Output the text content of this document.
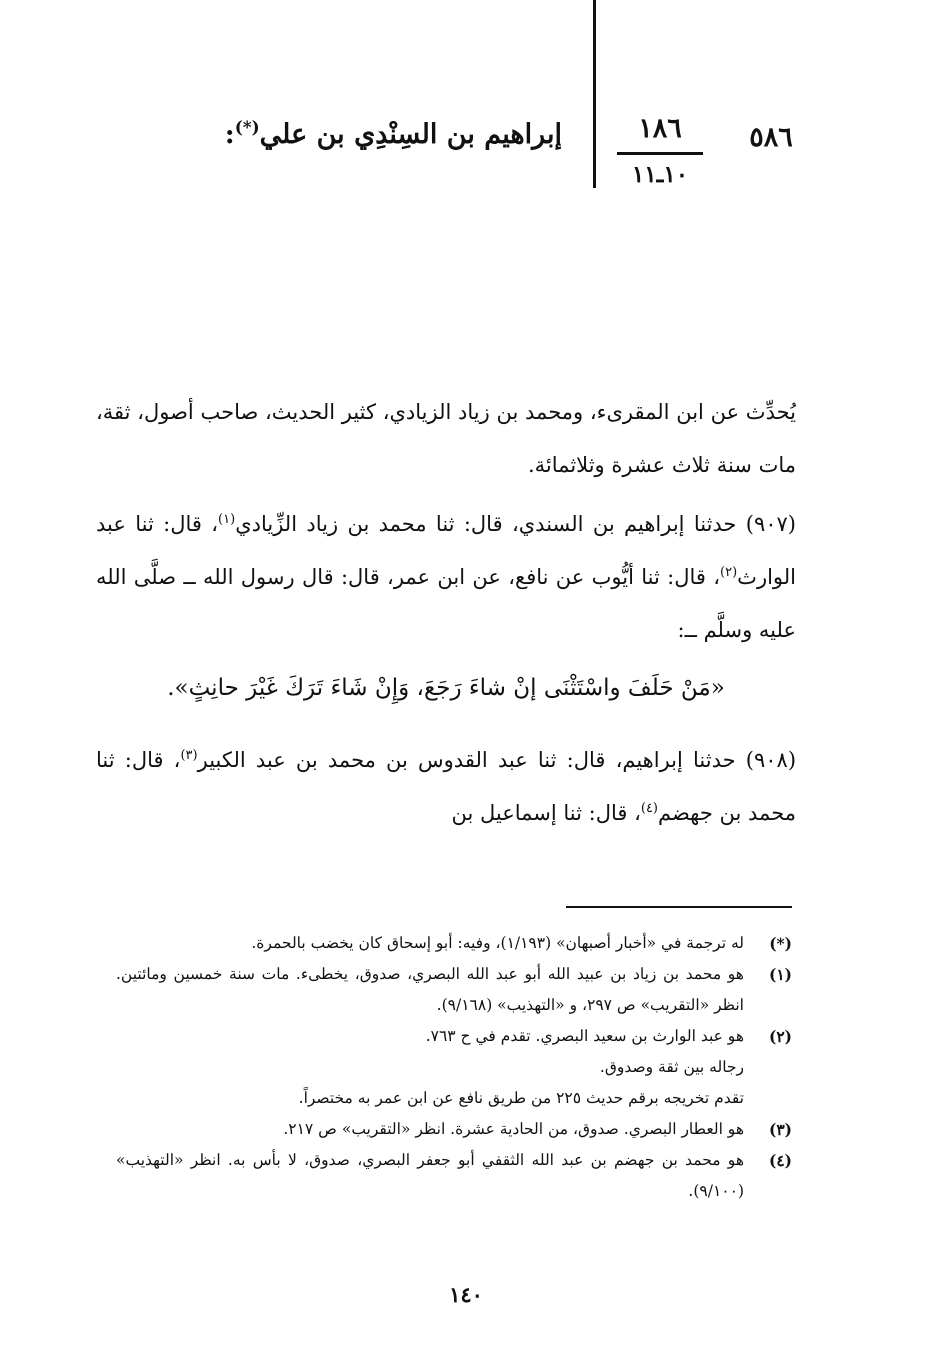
٥٨٦
١٨٦
١٠ـ١١
إبراهيم بن السِنْدِي بن علي(*):
يُحدِّث عن ابن المقرىء، ومحمد بن زياد الزيادي، كثير الحديث، صاحب أصول، ثقة، مات سنة ثلاث عشرة وثلاثمائة.
(٩٠٧) حدثنا إبراهيم بن السندي، قال: ثنا محمد بن زياد الزِّيادي$^{(١)}$، قال: ثنا عبد الوارث$^{(٢)}$، قال: ثنا أيُّوب عن نافع، عن ابن عمر، قال: قال رسول الله ــ صلَّى الله عليه وسلَّم ــ:
«مَنْ حَلَفَ واسْتَثْنَى إنْ شاءَ رَجَعَ، وَإِنْ شَاءَ تَرَكَ غَيْرَ حانِثٍ».
(٩٠٨) حدثنا إبراهيم، قال: ثنا عبد القدوس بن محمد بن عبد الكبير$^{(٣)}$، قال: ثنا محمد بن جهضم$^{(٤)}$، قال: ثنا إسماعيل بن
(*)
له ترجمة في «أخبار أصبهان» (١/١٩٣)، وفيه: أبو إسحاق كان يخضب بالحمرة.
(١)
هو محمد بن زياد بن عبيد الله أبو عبد الله البصري، صدوق، يخطىء. مات سنة خمسين ومائتين. انظر «التقريب» ص ٢٩٧، و «التهذيب» (٩/١٦٨).
(٢)
هو عبد الوارث بن سعيد البصري. تقدم في ح ٧٦٣.
رجاله بين ثقة وصدوق.
تقدم تخريجه برقم حديث ٢٢٥ من طريق نافع عن ابن عمر به مختصراً.
(٣)
هو العطار البصري. صدوق، من الحادية عشرة. انظر «التقريب» ص ٢١٧.
(٤)
هو محمد بن جهضم بن عبد الله الثقفي أبو جعفر البصري، صدوق، لا بأس به. انظر «التهذيب» (٩/١٠٠).
١٤٠
